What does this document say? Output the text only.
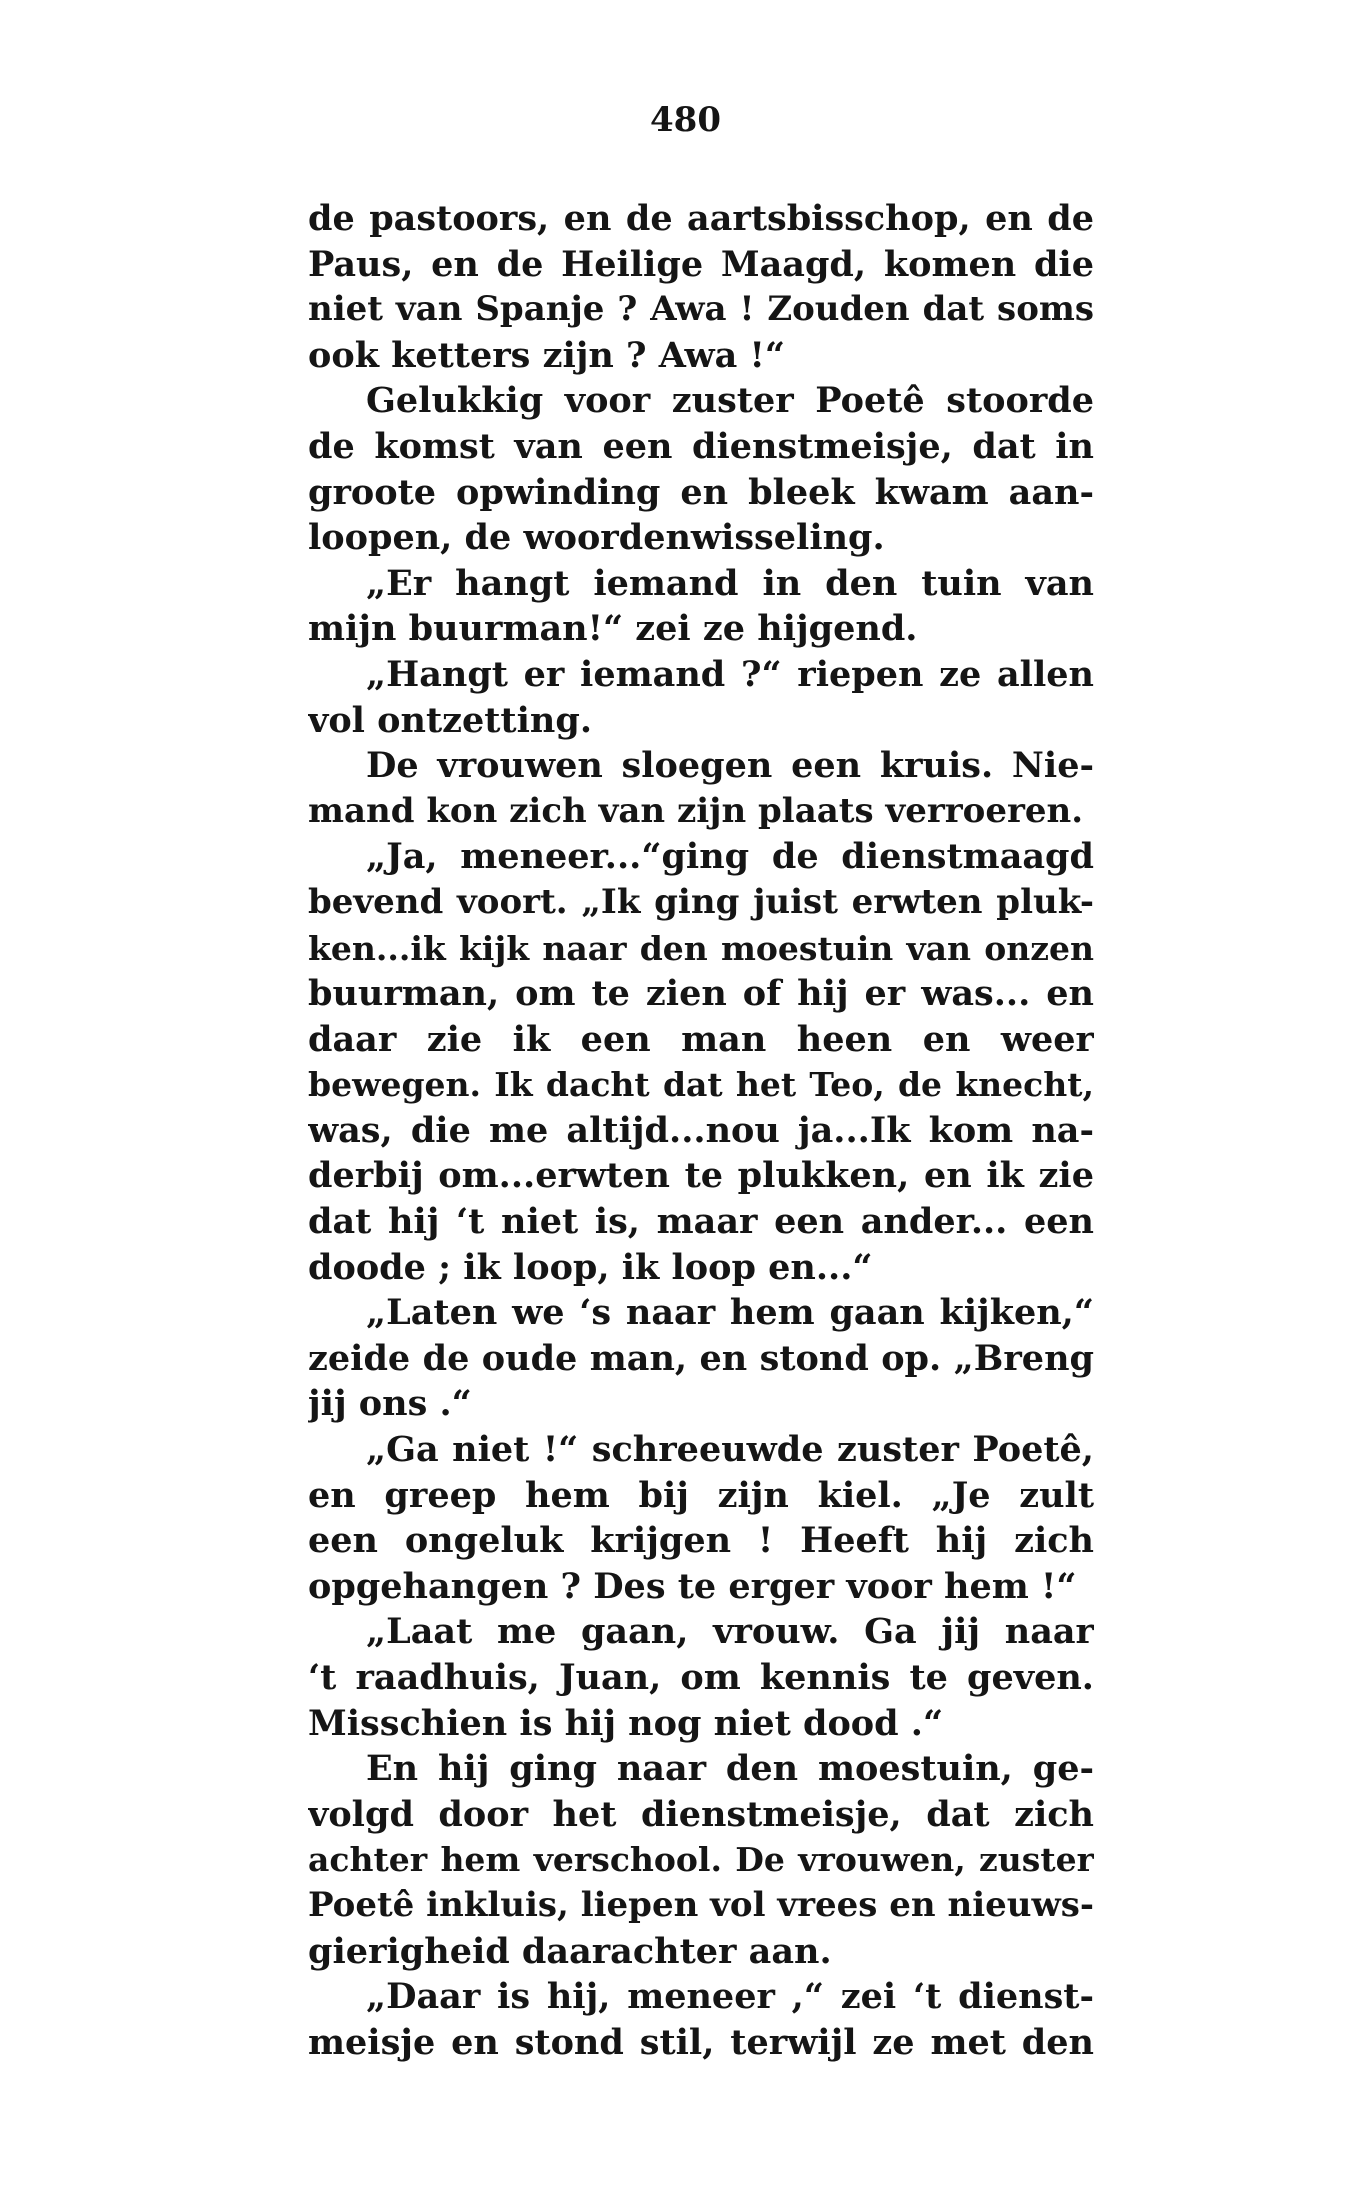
480
de pastoors, en de aartsbisschop, en de
Paus, en de Heilige Maagd, komen die
niet van Spanje ? Awa ! Zouden dat soms
ook ketters zijn ? Awa !“
Gelukkig voor zuster Poetê stoorde
de komst van een dienstmeisje, dat in
groote opwinding en bleek kwam aan-
loopen, de woordenwisseling.
„Er hangt iemand in den tuin van
mijn buurman!“ zei ze hijgend.
„Hangt er iemand ?“ riepen ze allen
vol ontzetting.
De vrouwen sloegen een kruis. Nie-
mand kon zich van zijn plaats verroeren.
„Ja, meneer...“ging de dienstmaagd
bevend voort. „Ik ging juist erwten pluk-
ken...ik kijk naar den moestuin van onzen
buurman, om te zien of hij er was... en
daar zie ik een man heen en weer
bewegen. Ik dacht dat het Teo, de knecht,
was, die me altijd...nou ja...Ik kom na-
derbij om...erwten te plukken, en ik zie
dat hij ‘t niet is, maar een ander... een
doode ; ik loop, ik loop en...“
„Laten we ‘s naar hem gaan kijken,“
zeide de oude man, en stond op. „Breng
jij ons .“
„Ga niet !“ schreeuwde zuster Poetê,
en greep hem bij zijn kiel. „Je zult
een ongeluk krijgen ! Heeft hij zich
opgehangen ? Des te erger voor hem !“
„Laat me gaan, vrouw. Ga jij naar
‘t raadhuis, Juan, om kennis te geven.
Misschien is hij nog niet dood .“
En hij ging naar den moestuin, ge-
volgd door het dienstmeisje, dat zich
achter hem verschool. De vrouwen, zuster
Poetê inkluis, liepen vol vrees en nieuws-
gierigheid daarachter aan.
„Daar is hij, meneer ,“ zei ‘t dienst-
meisje en stond stil, terwijl ze met den
